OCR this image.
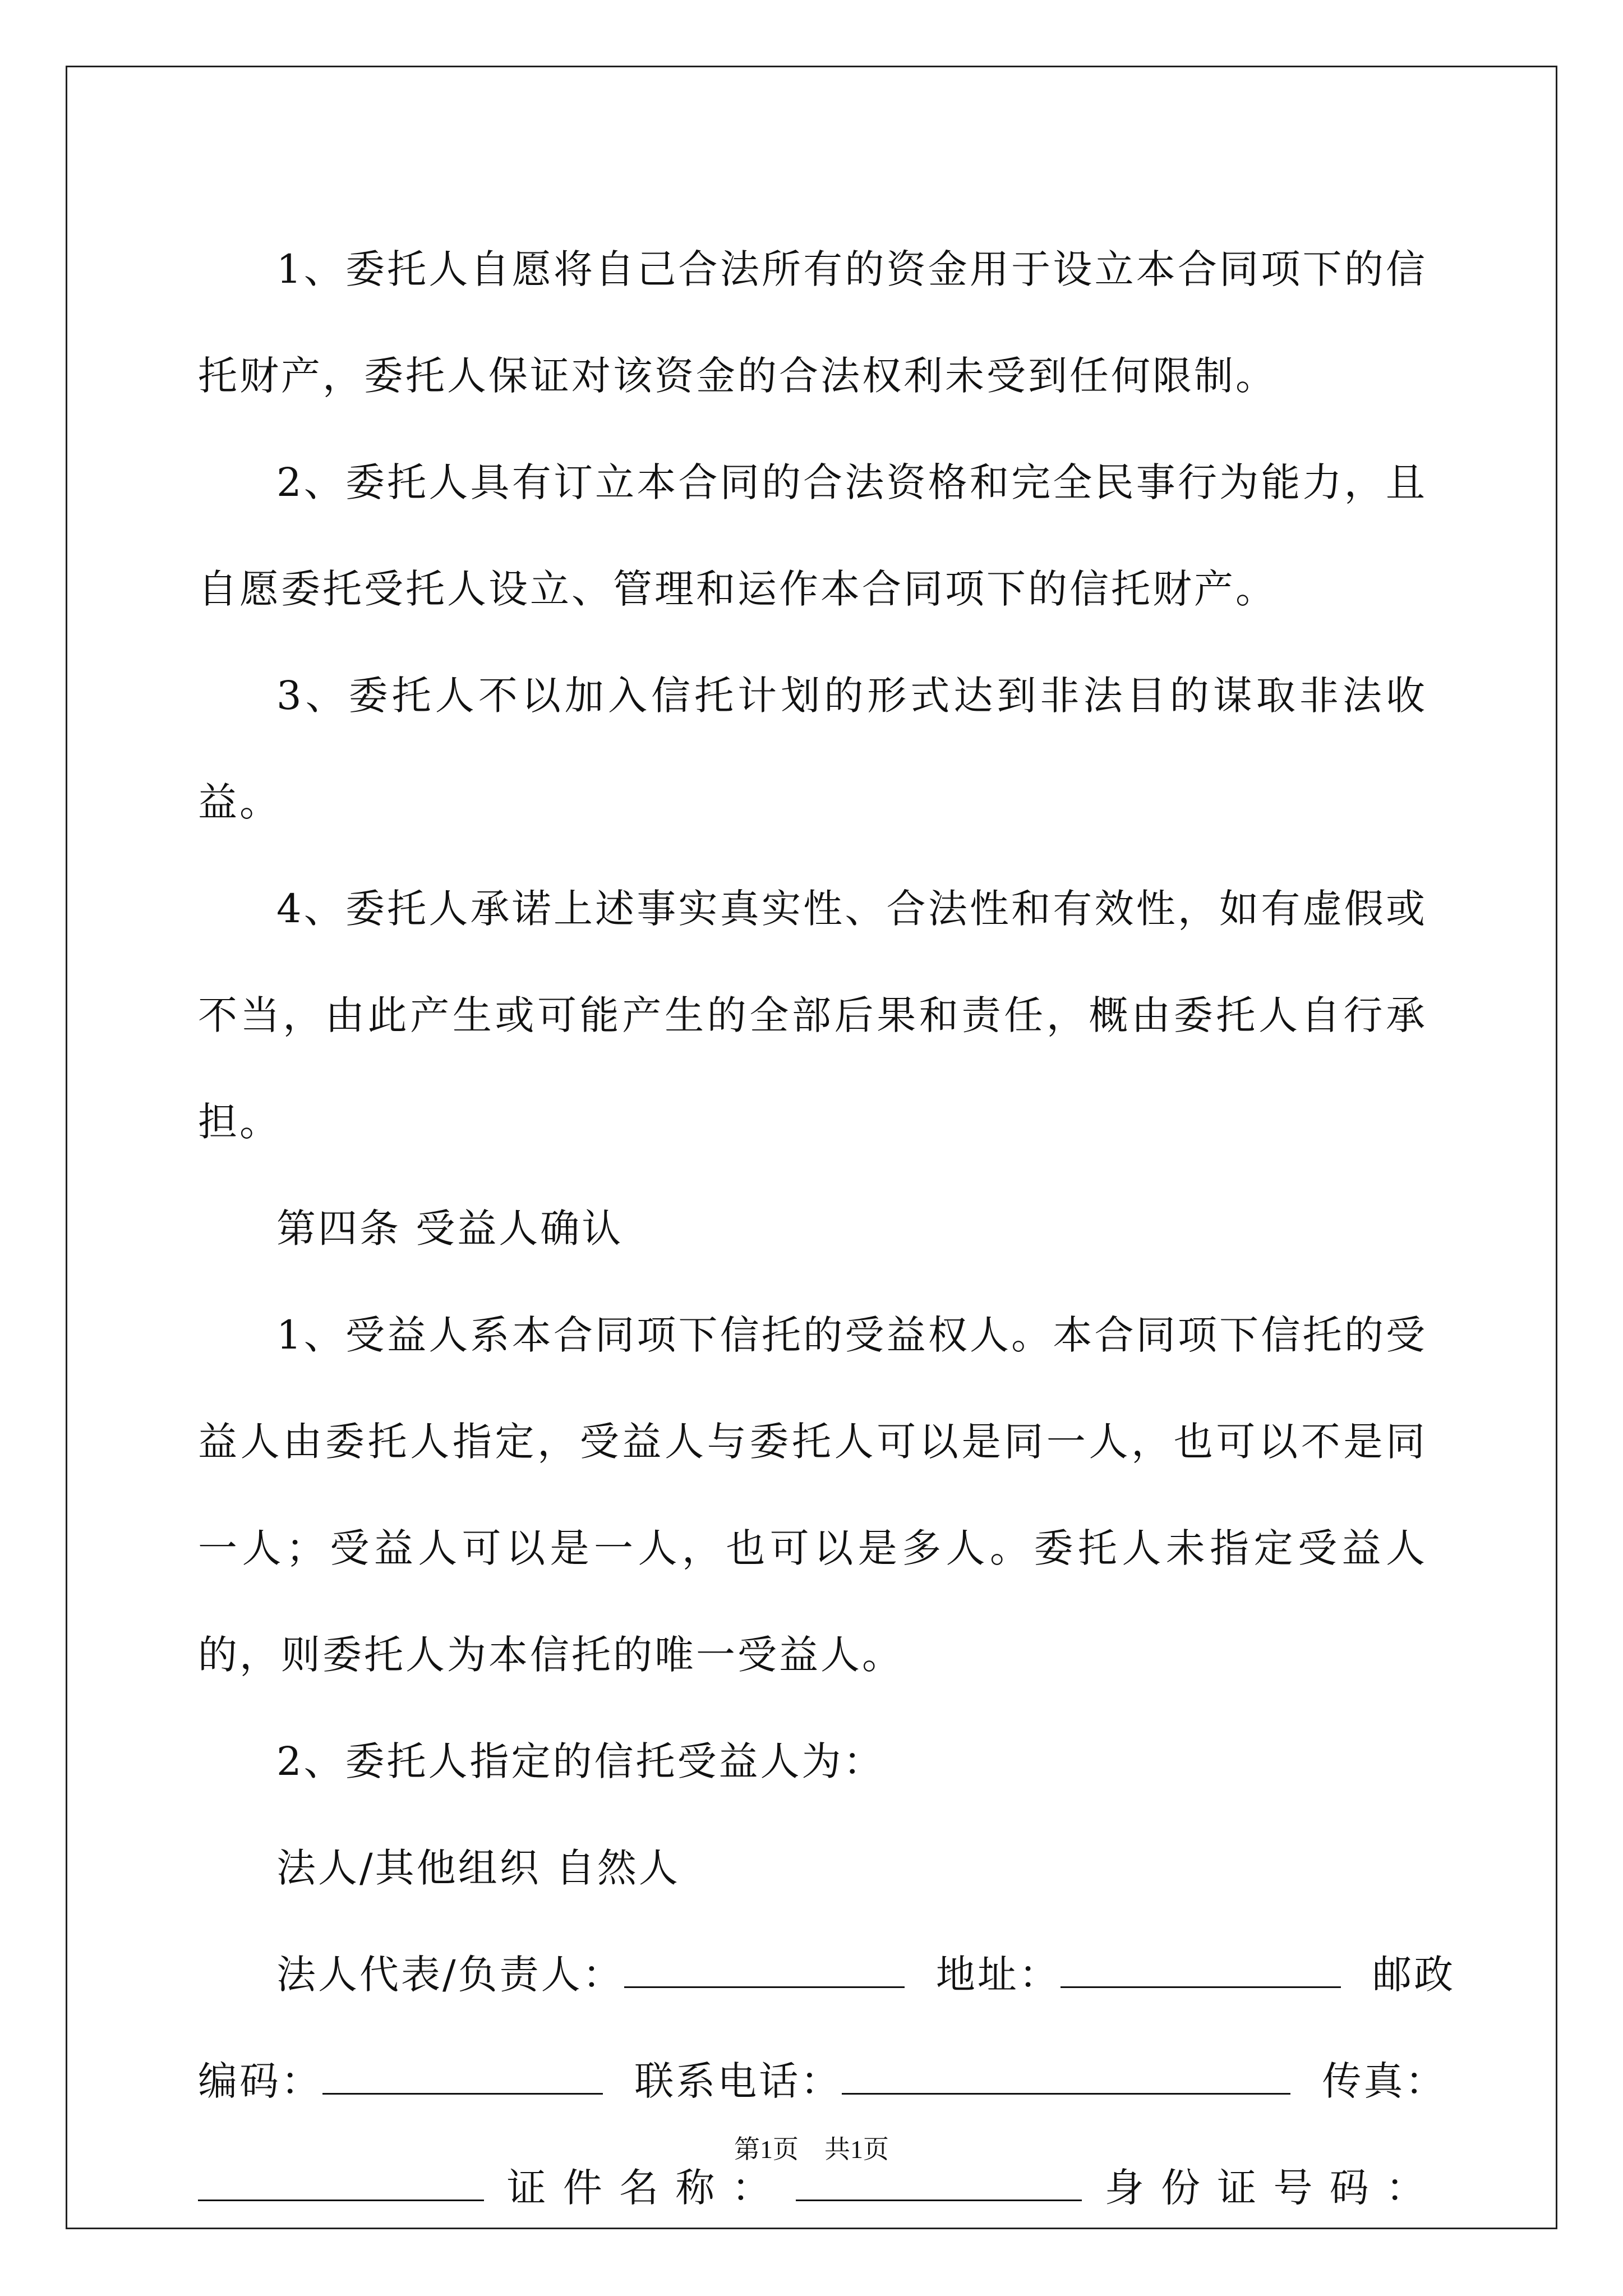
1、委托人自愿将自己合法所有的资金用于设立本合同项下的信托财产，委托人保证对该资金的合法权利未受到任何限制。

2、委托人具有订立本合同的合法资格和完全民事行为能力，且自愿委托受托人设立、管理和运作本合同项下的信托财产。

3、委托人不以加入信托计划的形式达到非法目的谋取非法收益。

4、委托人承诺上述事实真实性、合法性和有效性，如有虚假或不当，由此产生或可能产生的全部后果和责任，概由委托人自行承担。

第四条 受益人确认

1、受益人系本合同项下信托的受益权人。本合同项下信托的受益人由委托人指定，受益人与委托人可以是同一人，也可以不是同一人；受益人可以是一人，也可以是多人。委托人未指定受益人的，则委托人为本信托的唯一受益人。

2、委托人指定的信托受益人为：

法人/其他组织 自然人

法人代表/负责人：	地址：	邮政
编码：	联系电话：	传真：
证 件 名 称 ：	身 份 证 号 码 ：
第1页　共1页
